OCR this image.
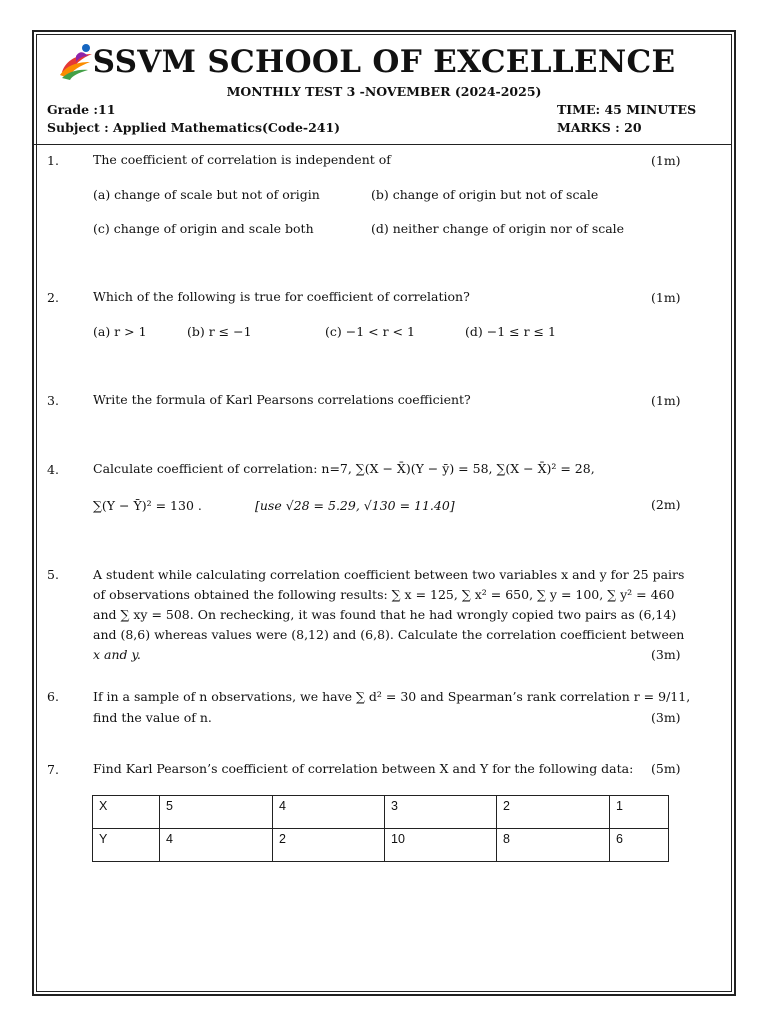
SSVM SCHOOL OF EXCELLENCE
MONTHLY TEST 3 -NOVEMBER (2024-2025)
Grade :11
Subject : Applied Mathematics(Code-241)
TIME: 45 MINUTES
MARKS : 20
1.	The coefficient of correlation is independent of	(1m)
(a) change of scale but not of origin	(b) change of origin but not of scale
(c) change of origin and scale both	(d) neither change of origin nor of scale
2.	Which of the following is true for coefficient of correlation?	(1m)
(a) r > 1	(b) r ≤ −1	(c) −1 < r < 1	(d) −1 ≤ r ≤ 1
3.	Write the formula of Karl Pearsons correlations coefficient?	(1m)
4.	Calculate coefficient of correlation: n=7, ∑(X − X̄)(Y − ȳ) = 58, ∑(X − X̄)² = 28,
∑(Y − Ȳ)² = 130 .	[use √28 = 5.29, √130 = 11.40]	(2m)
5.	A student while calculating correlation coefficient between two variables x and y for 25 pairs
of observations obtained the following results: ∑ x = 125, ∑ x² = 650, ∑ y = 100, ∑ y² = 460
and ∑ xy = 508. On rechecking, it was found that he had wrongly copied two pairs as (6,14)
and (8,6) whereas values were (8,12) and (6,8). Calculate the correlation coefficient between
x and y.	(3m)
6.	If in a sample of n observations, we have ∑ d² = 30 and Spearman’s rank correlation r = 9/11,
find the value of n.	(3m)
7.	Find Karl Pearson’s coefficient of correlation between X and Y for the following data: (5m)
X	5	4	3	2	1
Y	4	2	10	8	6
